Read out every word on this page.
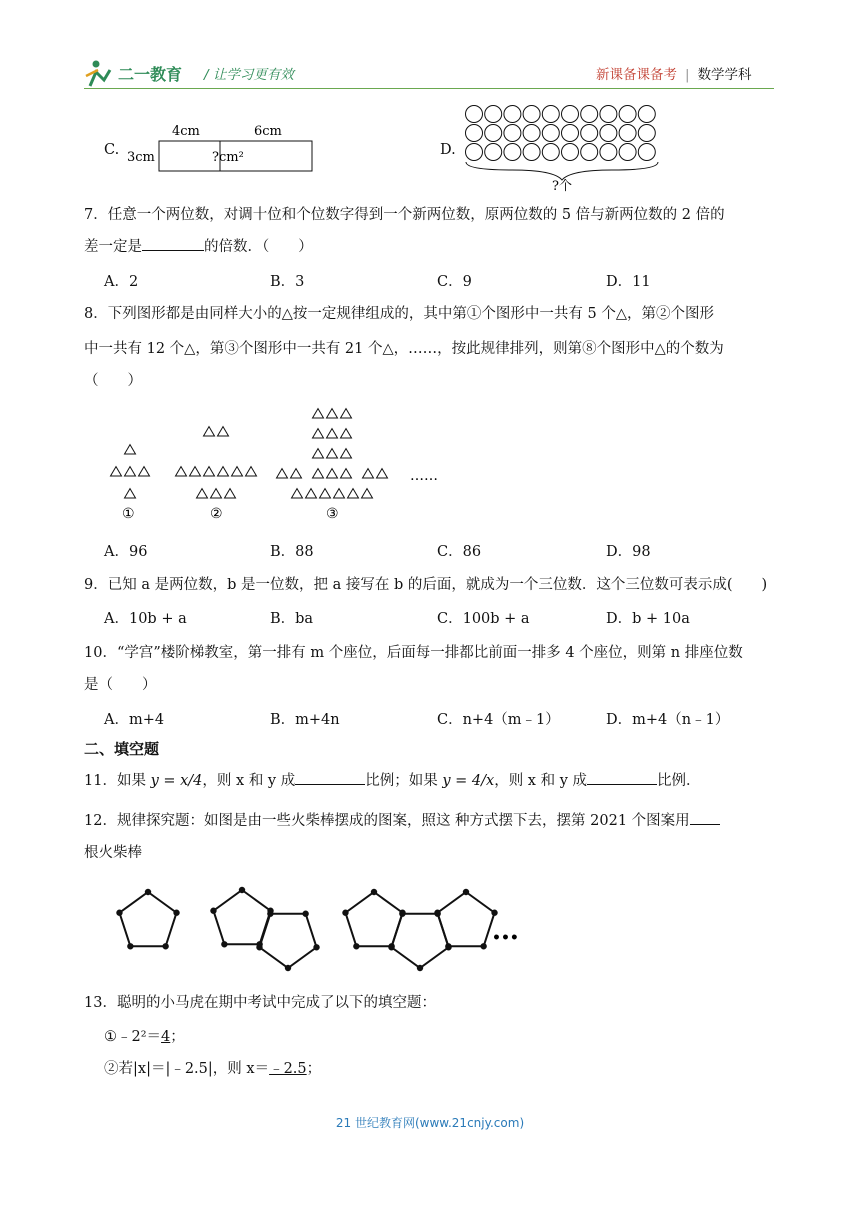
二一教育 / 让学习更有效	新课备课备考 | 数学学科
C.
4cm	6cm
3cm	?cm²	D.
?个
7．任意一个两位数，对调十位和个位数字得到一个新两位数，原两位数的 5 倍与新两位数的 2 倍的
差一定是	的倍数．（　　）
A．2	B．3	C．9	D．11
8．下列图形都是由同样大小的△按一定规律组成的，其中第①个图形中一共有 5 个△，第②个图形
中一共有 12 个△，第③个图形中一共有 21 个△，……，按此规律排列，则第⑧个图形中△的个数为
（　　）
①	②	③
……
A．96	B．88	C．86	D．98
9．已知 a 是两位数，b 是一位数，把 a 接写在 b 的后面，就成为一个三位数．这个三位数可表示成(　　)
A．10b + a	B．ba	C．100b + a	D．b + 10a
10．“学宫”楼阶梯教室，第一排有 m 个座位，后面每一排都比前面一排多 4 个座位，则第 n 排座位数
是（　　）
A．m+4	B．m+4n	C．n+4（m﹣1）	D．m+4（n﹣1）
二、填空题
11．如果 y = x/4，则 x 和 y 成	比例；如果 y = 4/x，则 x 和 y 成	比例．
12．规律探究题：如图是由一些火柴棒摆成的图案，照这 种方式摆下去，摆第 2021 个图案用
根火柴棒
•••
13．聪明的小马虎在期中考试中完成了以下的填空题：
①﹣2²＝4；
②若|x|＝|﹣2.5|，则 x＝﹣2.5；
21 世纪教育网(www.21cnjy.com)
